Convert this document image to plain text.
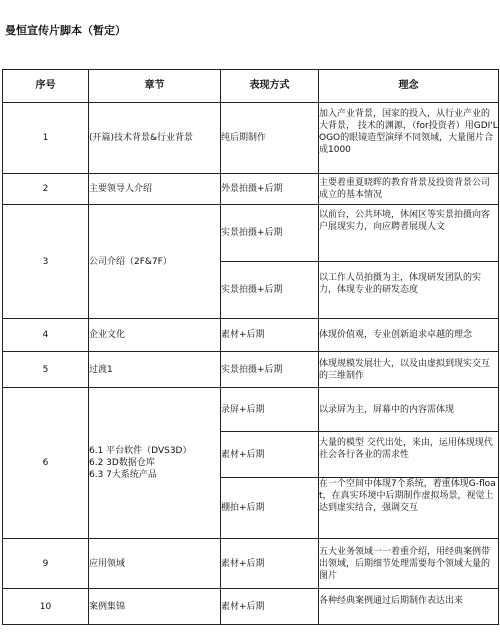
曼恒宣传片脚本（暂定）
序号	章节	表现方式	理念
1	(开篇)技术背景&行业背景	纯后期制作	加入产业背景，国家的投入，从行业产业的大背景， 技术的渊源，（for投资者）用GDI'LOGO的眼镜造型演绎不同领域，大量图片合成1000

2	主要领导人介绍	外景拍摄+后期	主要着重夏晓晖的教育背景及投资背景公司成立的基本情况

3	公司介绍（2F&7F）	实景拍摄+后期	以前台，公共环境，休闲区等实景拍摄向客户展现实力，向应聘者展现人文

		实景拍摄+后期	以工作人员拍摄为主，体现研发团队的实力，体现专业的研发态度

4	企业文化	素材+后期	体现价值观，专业创新追求卓越的理念

5	过渡1	实景拍摄+后期	体现规模发展壮大，以及由虚拟到现实交互的三维制作

6	6.1 平台软件（DVS3D）
6.2 3D数据仓库
6.3 7大系统产品	录屏+后期	以录屏为主，屏幕中的内容需体现

		素材+后期	大量的模型 交代出处，来由，运用体现现代社会各行各业的需求性

		棚拍+后期	在一个空间中体现7个系统，着重体现G-float，在真实环境中后期制作虚拟场景，视觉上达到虚实结合，强调交互

9	应用领域	素材+后期	五大业务领域一一着重介绍，用经典案例带出领域，后期细节处理需要每个领域大量的图片

10	案例集锦	素材+后期	各种经典案例通过后期制作表达出来
